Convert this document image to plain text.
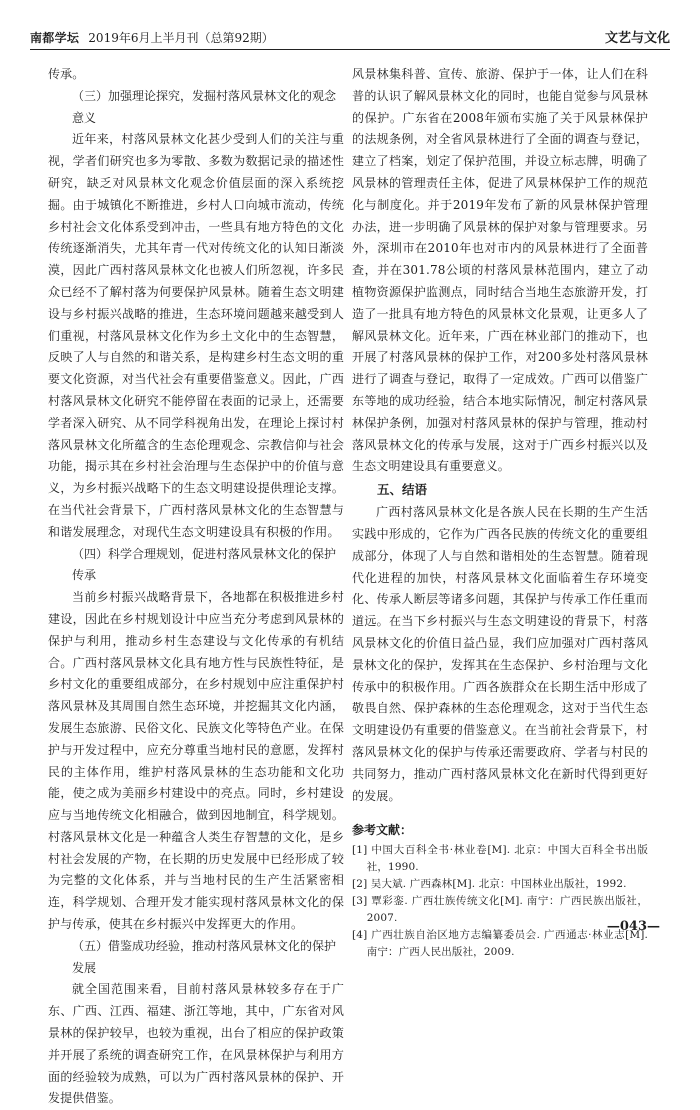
南都学坛 2019年6月上半月刊（总第92期）	文艺与文化

传承。

（三）加强理论探究，发掘村落风景林文化的观念意义

近年来，村落风景林文化甚少受到人们的关注与重视，学者们研究也多为零散、多数为数据记录的描述性研究，缺乏对风景林文化观念价值层面的深入系统挖掘。由于城镇化不断推进，乡村人口向城市流动，传统乡村社会文化体系受到冲击，一些具有地方特色的文化传统逐渐消失，尤其年青一代对传统文化的认知日渐淡漠，因此广西村落风景林文化也被人们所忽视，许多民众已经不了解村落为何要保护风景林。随着生态文明建设与乡村振兴战略的推进，生态环境问题越来越受到人们重视，村落风景林文化作为乡土文化中的生态智慧，反映了人与自然的和谐关系，是构建乡村生态文明的重要文化资源，对当代社会有重要借鉴意义。因此，广西村落风景林文化研究不能停留在表面的记录上，还需要学者深入研究、从不同学科视角出发，在理论上探讨村落风景林文化所蕴含的生态伦理观念、宗教信仰与社会功能，揭示其在乡村社会治理与生态保护中的价值与意义，为乡村振兴战略下的生态文明建设提供理论支撑。在当代社会背景下，广西村落风景林文化的生态智慧与和谐发展理念，对现代生态文明建设具有积极的作用。

（四）科学合理规划，促进村落风景林文化的保护传承

当前乡村振兴战略背景下，各地都在积极推进乡村建设，因此在乡村规划设计中应当充分考虑到风景林的保护与利用，推动乡村生态建设与文化传承的有机结合。广西村落风景林文化具有地方性与民族性特征，是乡村文化的重要组成部分，在乡村规划中应注重保护村落风景林及其周围自然生态环境，并挖掘其文化内涵，发展生态旅游、民俗文化、民族文化等特色产业。在保护与开发过程中，应充分尊重当地村民的意愿，发挥村民的主体作用，维护村落风景林的生态功能和文化功能，使之成为美丽乡村建设中的亮点。同时，乡村建设应与当地传统文化相融合，做到因地制宜，科学规划。村落风景林文化是一种蕴含人类生存智慧的文化，是乡村社会发展的产物，在长期的历史发展中已经形成了较为完整的文化体系，并与当地村民的生产生活紧密相连，科学规划、合理开发才能实现村落风景林文化的保护与传承，使其在乡村振兴中发挥更大的作用。

（五）借鉴成功经验，推动村落风景林文化的保护发展

就全国范围来看，目前村落风景林较多存在于广东、广西、江西、福建、浙江等地，其中，广东省对风景林的保护较早，也较为重视，出台了相应的保护政策并开展了系统的调查研究工作，在风景林保护与利用方面的经验较为成熟，可以为广西村落风景林的保护、开发提供借鉴。

风景林集科普、宣传、旅游、保护于一体，让人们在科普的认识了解风景林文化的同时，也能自觉参与风景林的保护。广东省在2008年颁布实施了关于风景林保护的法规条例，对全省风景林进行了全面的调查与登记，建立了档案，划定了保护范围，并设立标志牌，明确了风景林的管理责任主体，促进了风景林保护工作的规范化与制度化。并于2019年发布了新的风景林保护管理办法，进一步明确了风景林的保护对象与管理要求。另外，深圳市在2010年也对市内的风景林进行了全面普查，并在301.78公顷的村落风景林范围内，建立了动植物资源保护监测点，同时结合当地生态旅游开发，打造了一批具有地方特色的风景林文化景观，让更多人了解风景林文化。近年来，广西在林业部门的推动下，也开展了村落风景林的保护工作，对200多处村落风景林进行了调查与登记，取得了一定成效。广西可以借鉴广东等地的成功经验，结合本地实际情况，制定村落风景林保护条例，加强对村落风景林的保护与管理，推动村落风景林文化的传承与发展，这对于广西乡村振兴以及生态文明建设具有重要意义。

五、结语

广西村落风景林文化是各族人民在长期的生产生活实践中形成的，它作为广西各民族的传统文化的重要组成部分，体现了人与自然和谐相处的生态智慧。随着现代化进程的加快，村落风景林文化面临着生存环境变化、传承人断层等诸多问题，其保护与传承工作任重而道远。在当下乡村振兴与生态文明建设的背景下，村落风景林文化的价值日益凸显，我们应加强对广西村落风景林文化的保护，发挥其在生态保护、乡村治理与文化传承中的积极作用。广西各族群众在长期生活中形成了敬畏自然、保护森林的生态伦理观念，这对于当代生态文明建设仍有重要的借鉴意义。在当前社会背景下，村落风景林文化的保护与传承还需要政府、学者与村民的共同努力，推动广西村落风景林文化在新时代得到更好的发展。

参考文献：

[1] 中国大百科全书·林业卷[M]. 北京：中国大百科全书出版社，1990.

[2] 吴大斌. 广西森林[M]. 北京：中国林业出版社，1992.

[3] 覃彩銮. 广西壮族传统文化[M]. 南宁：广西民族出版社，2007.

[4] 广西壮族自治区地方志编纂委员会. 广西通志·林业志[M]. 南宁：广西人民出版社，2009.

—043—
